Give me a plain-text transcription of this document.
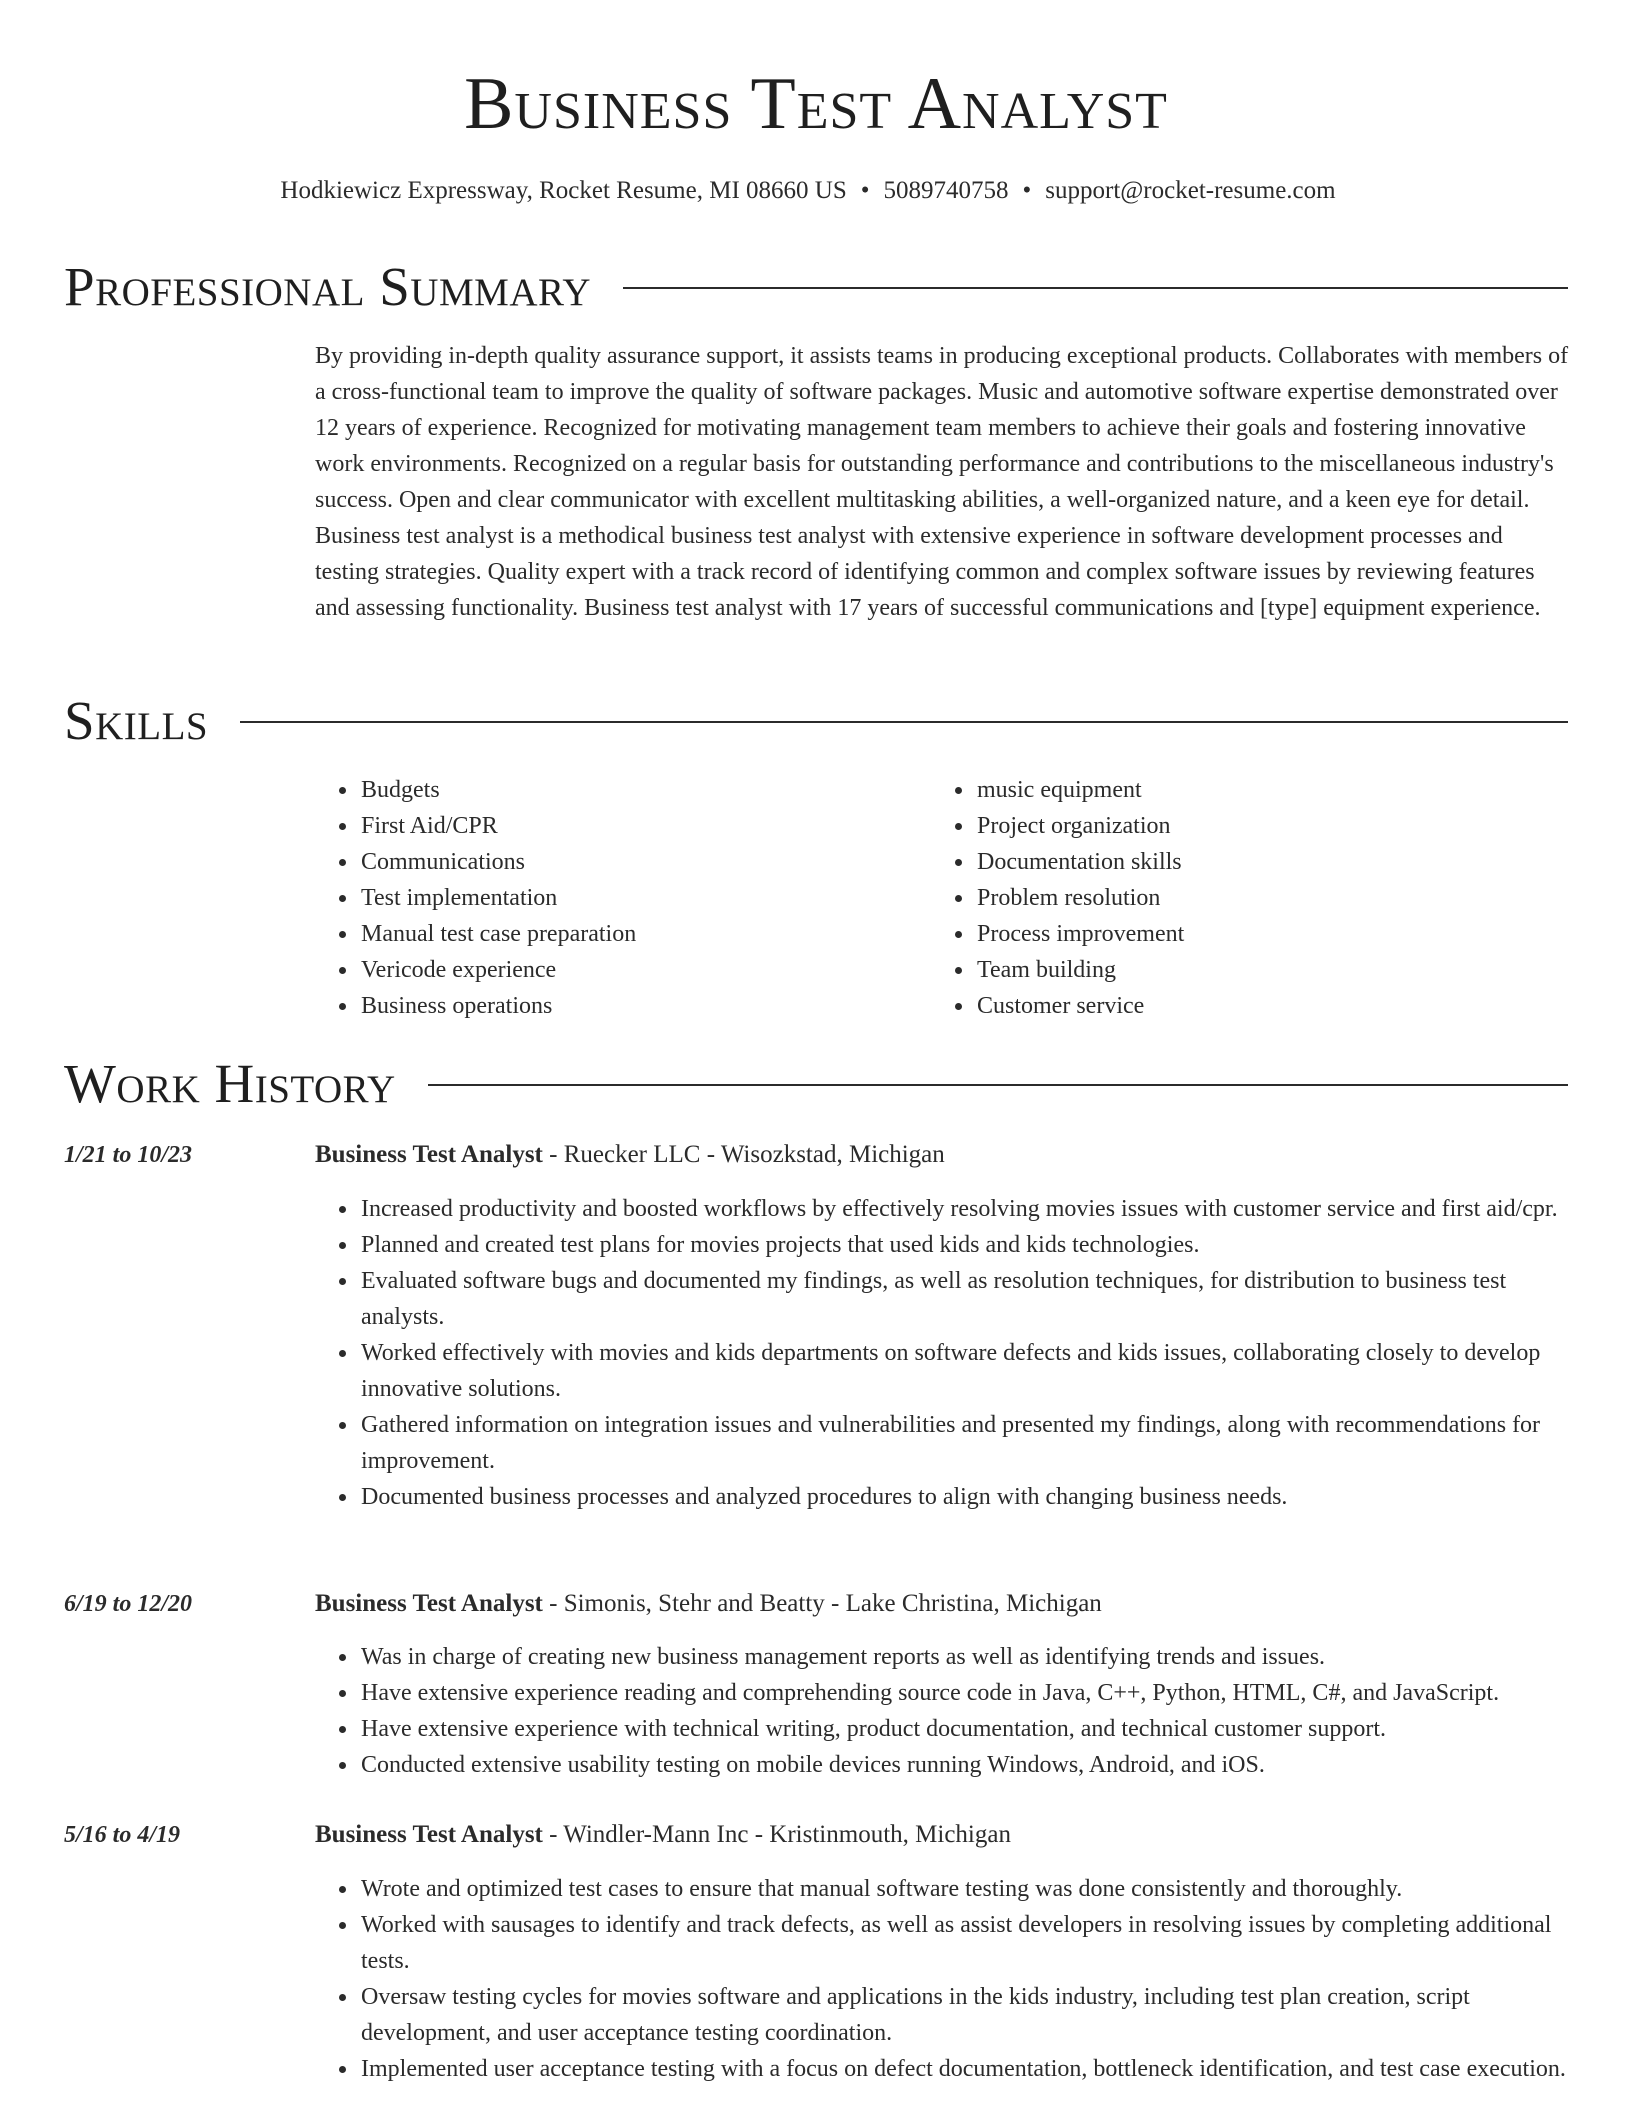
Business Test Analyst
Hodkiewicz Expressway, Rocket Resume, MI 08660 US • 5089740758 • support@rocket-resume.com
Professional Summary

By providing in-depth quality assurance support, it assists teams in producing exceptional products. Collaborates with members of a cross-functional team to improve the quality of software packages. Music and automotive software expertise demonstrated over 12 years of experience. Recognized for motivating management team members to achieve their goals and fostering innovative work environments. Recognized on a regular basis for outstanding performance and contributions to the miscellaneous industry's success. Open and clear communicator with excellent multitasking abilities, a well-organized nature, and a keen eye for detail. Business test analyst is a methodical business test analyst with extensive experience in software development processes and testing strategies. Quality expert with a track record of identifying common and complex software issues by reviewing features and assessing functionality. Business test analyst with 17 years of successful communications and [type] equipment experience.

Skills
• Budgets
• First Aid/CPR
• Communications
• Test implementation
• Manual test case preparation
• Vericode experience
• Business operations
• music equipment
• Project organization
• Documentation skills
• Problem resolution
• Process improvement
• Team building
• Customer service
Work History
1/21 to 10/23	Business Test Analyst - Ruecker LLC - Wisozkstad, Michigan
• Increased productivity and boosted workflows by effectively resolving movies issues with customer service and first aid/cpr.
• Planned and created test plans for movies projects that used kids and kids technologies.
• Evaluated software bugs and documented my findings, as well as resolution techniques, for distribution to business test analysts.
• Worked effectively with movies and kids departments on software defects and kids issues, collaborating closely to develop innovative solutions.
• Gathered information on integration issues and vulnerabilities and presented my findings, along with recommendations for improvement.
• Documented business processes and analyzed procedures to align with changing business needs.
6/19 to 12/20	Business Test Analyst - Simonis, Stehr and Beatty - Lake Christina, Michigan
• Was in charge of creating new business management reports as well as identifying trends and issues.
• Have extensive experience reading and comprehending source code in Java, C++, Python, HTML, C#, and JavaScript.
• Have extensive experience with technical writing, product documentation, and technical customer support.
• Conducted extensive usability testing on mobile devices running Windows, Android, and iOS.
5/16 to 4/19	Business Test Analyst - Windler-Mann Inc - Kristinmouth, Michigan
• Wrote and optimized test cases to ensure that manual software testing was done consistently and thoroughly.
• Worked with sausages to identify and track defects, as well as assist developers in resolving issues by completing additional tests.
• Oversaw testing cycles for movies software and applications in the kids industry, including test plan creation, script development, and user acceptance testing coordination.
• Implemented user acceptance testing with a focus on defect documentation, bottleneck identification, and test case execution.
